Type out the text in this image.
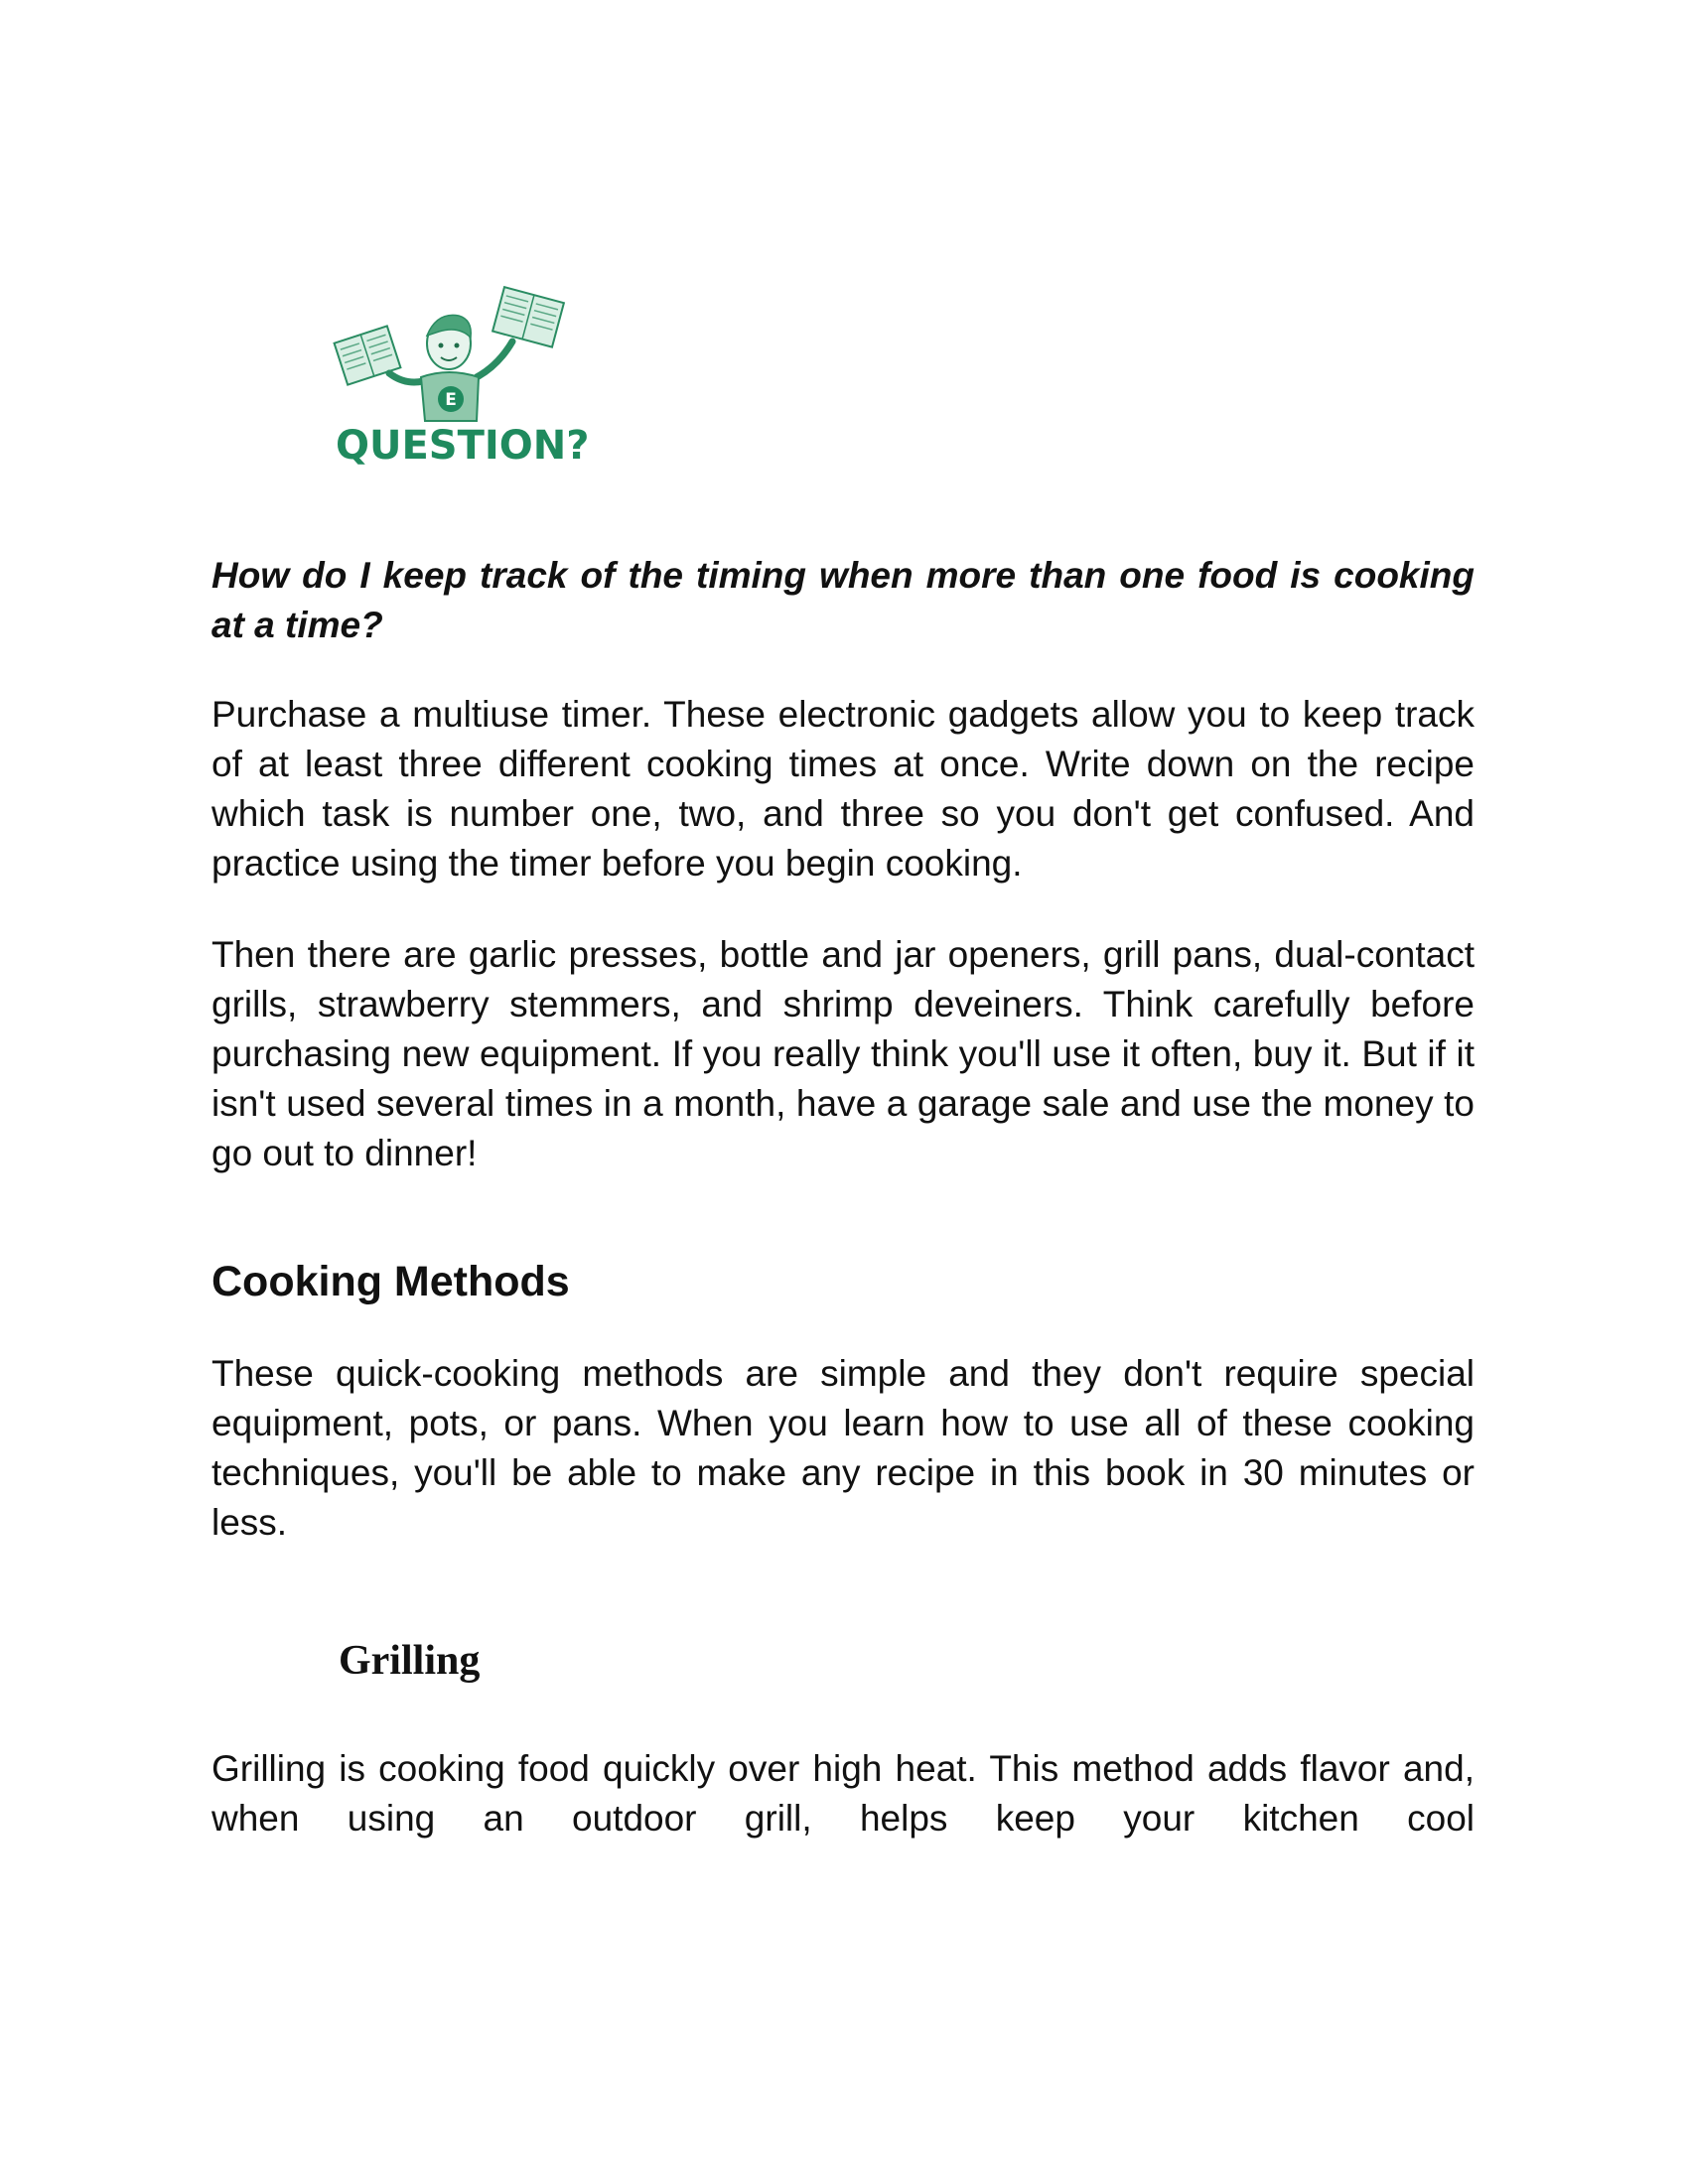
E
QUESTION?

How do I keep track of the timing when more than one food is cooking at a time?

Purchase a multiuse timer. These electronic gadgets allow you to keep track of at least three different cooking times at once. Write down on the recipe which task is number one, two, and three so you don't get confused. And practice using the timer before you begin cooking.

Then there are garlic presses, bottle and jar openers, grill pans, dual-contact grills, strawberry stemmers, and shrimp deveiners. Think carefully before purchasing new equipment. If you really think you'll use it often, buy it. But if it isn't used several times in a month, have a garage sale and use the money to go out to dinner!

Cooking Methods

These quick-cooking methods are simple and they don't require special equipment, pots, or pans. When you learn how to use all of these cooking techniques, you'll be able to make any recipe in this book in 30 minutes or less.

Grilling

Grilling is cooking food quickly over high heat. This method adds flavor and, when using an outdoor grill, helps keep your kitchen cool
